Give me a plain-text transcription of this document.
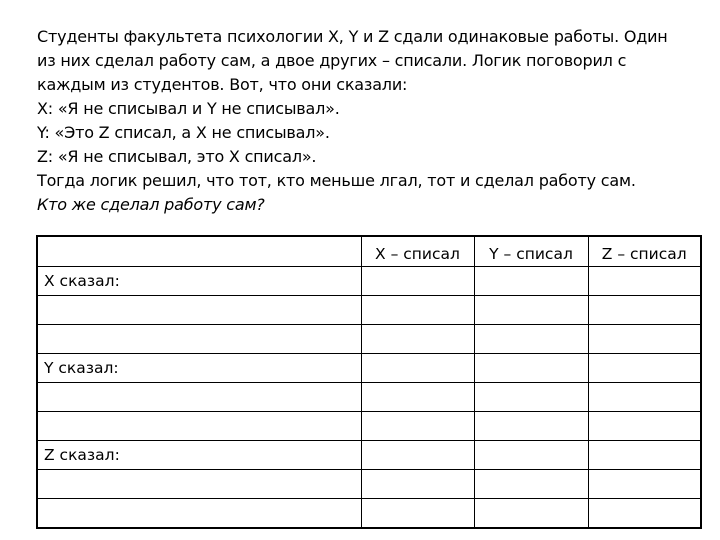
Студенты факультета психологии X, Y и Z сдали одинаковые работы. Один

из них сделал работу сам, а двое других – списали. Логик поговорил с

каждым из студентов. Вот, что они сказали:

X: «Я не списывал и Y не списывал».

Y: «Это Z списал, а X не списывал».

Z: «Я не списывал, это X списал».

Тогда логик решил, что тот, кто меньше лгал, тот и сделал работу сам.

Кто же сделал работу сам?

	X – списал	Y – списал	Z – списал
X сказал:			

Y сказал:			

Z сказал:			
